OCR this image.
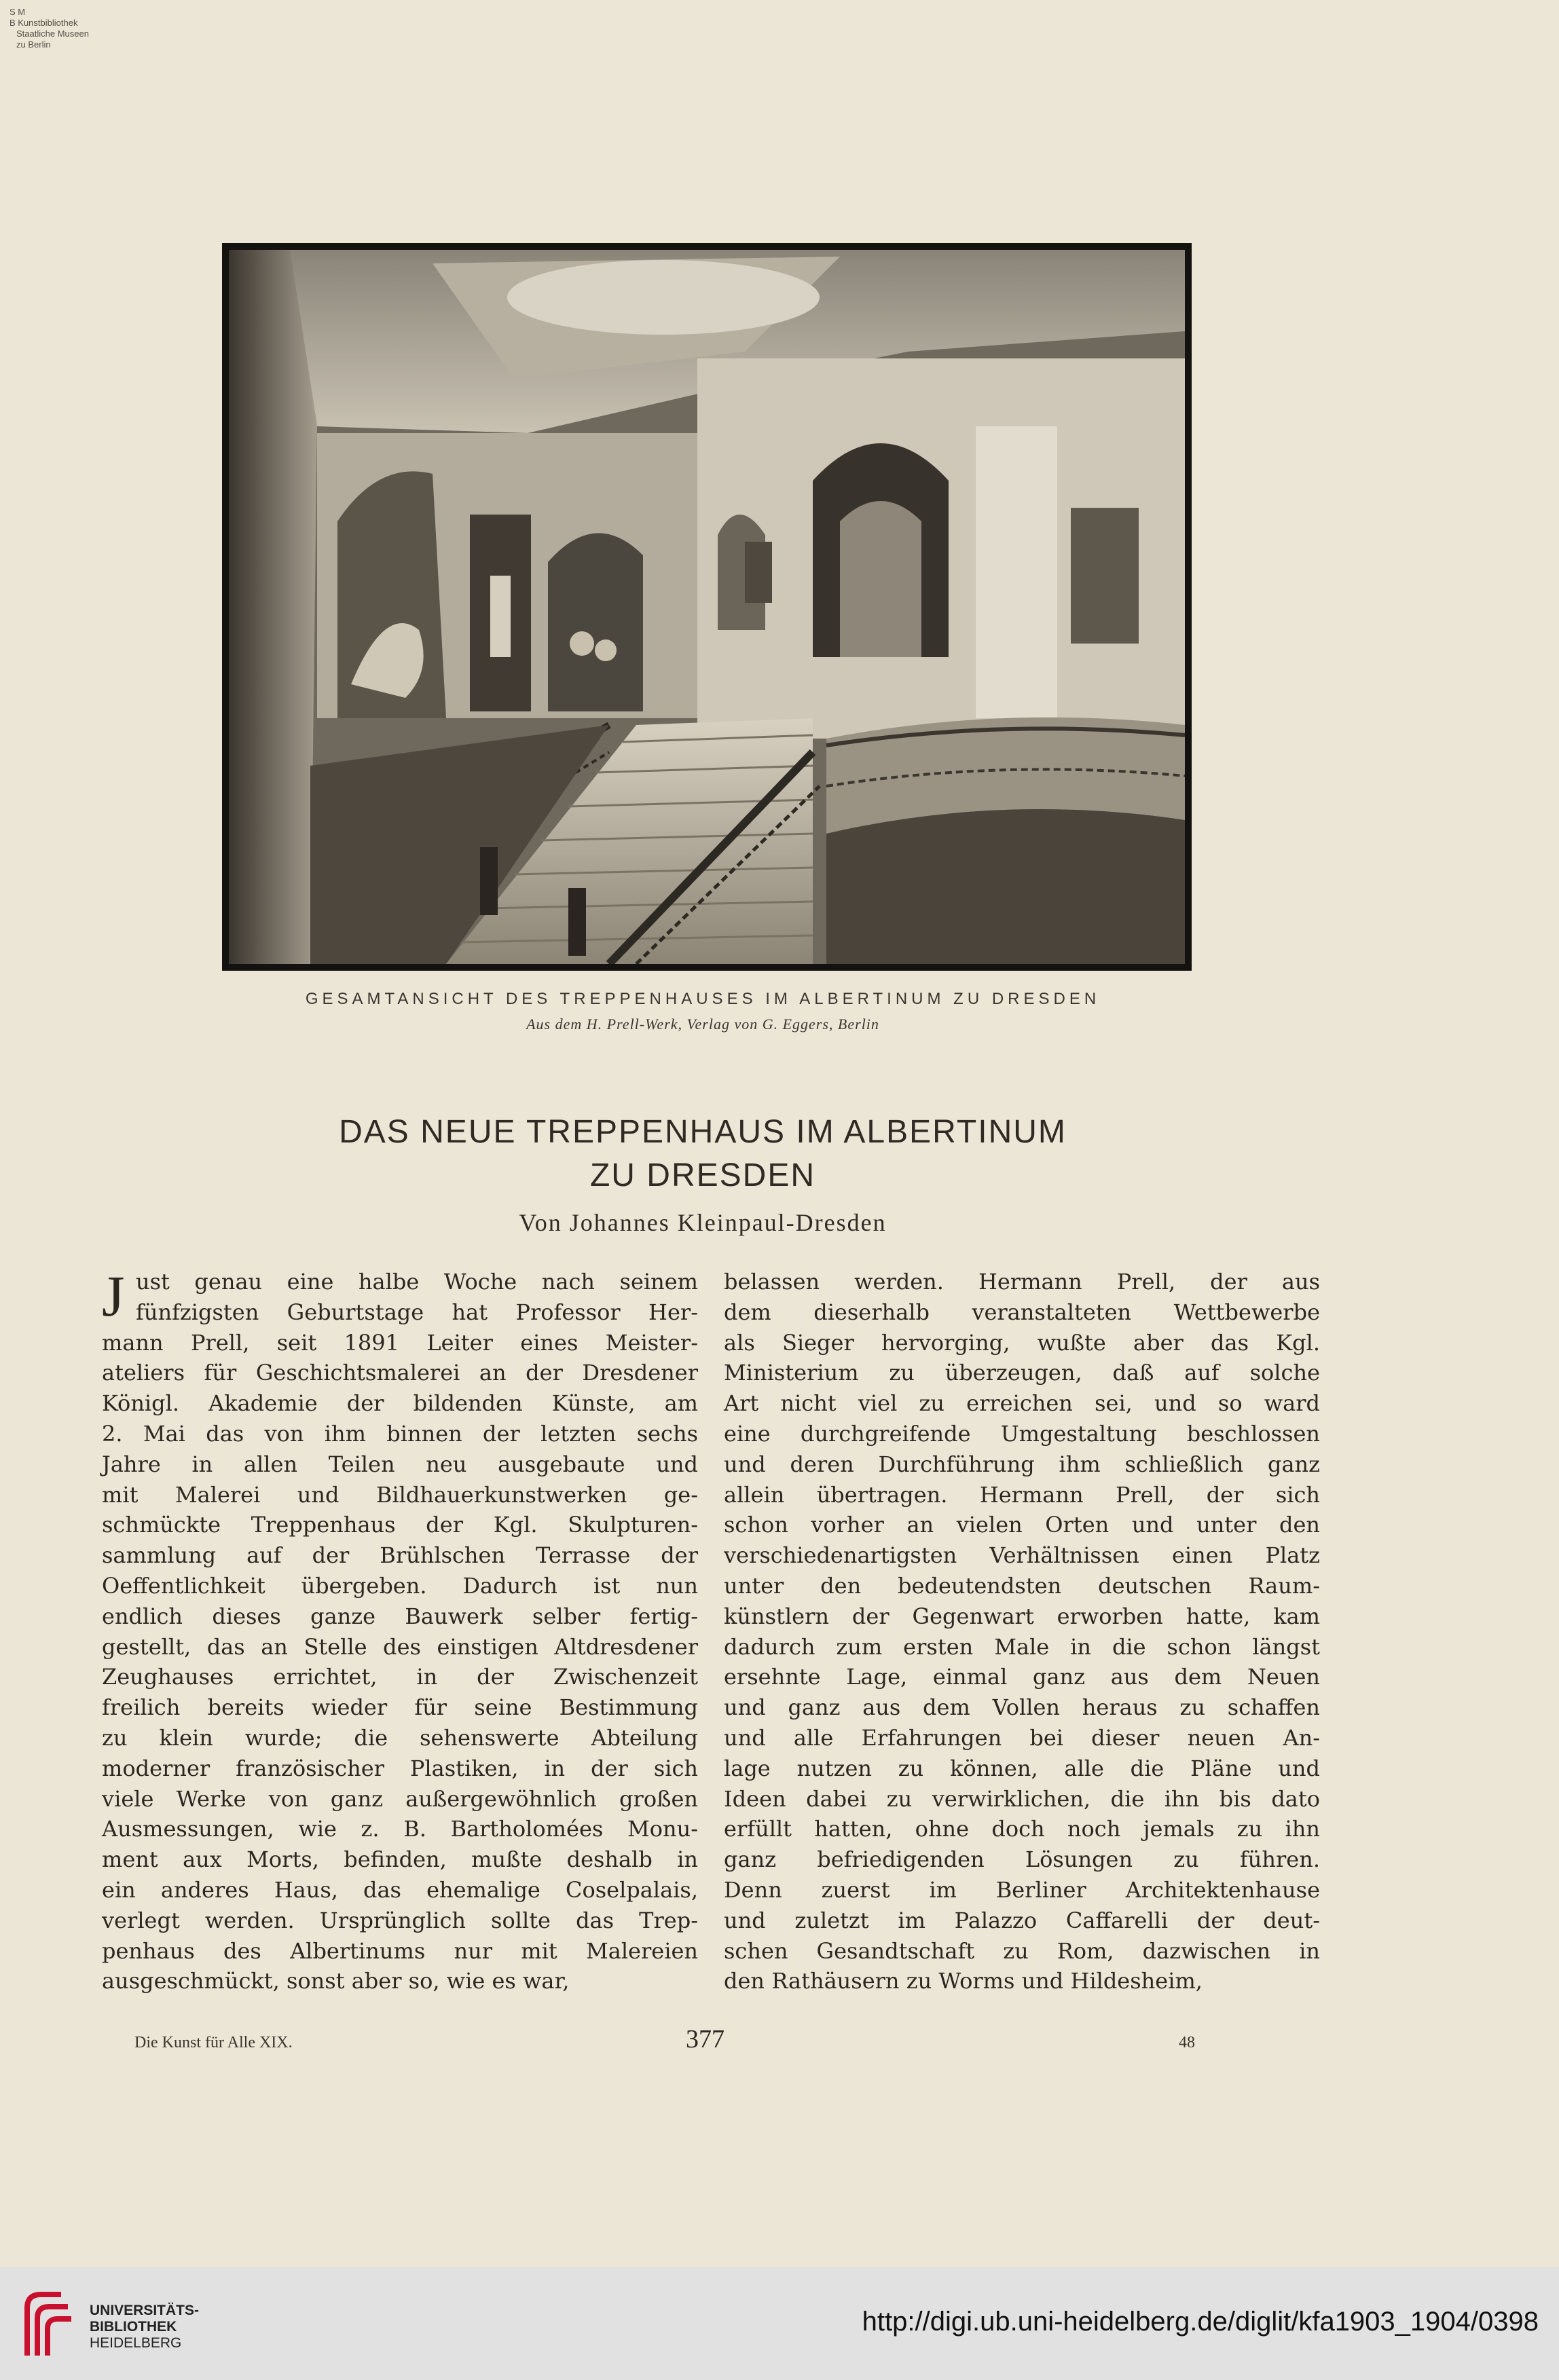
S M
B Kunstbibliothek
Staatliche Museen
zu Berlin
GESAMTANSICHT DES TREPPENHAUSES IM ALBERTINUM ZU DRESDEN
Aus dem H. Prell-Werk, Verlag von G. Eggers, Berlin
DAS NEUE TREPPENHAUS IM ALBERTINUM
ZU DRESDEN
Von Johannes Kleinpaul-Dresden
J ust genau eine halbe Woche nach seinem
fünfzigsten Geburtstage hat Professor Her-
mann Prell, seit 1891 Leiter eines Meister-
ateliers für Geschichtsmalerei an der Dresdener
Königl. Akademie der bildenden Künste, am
2. Mai das von ihm binnen der letzten sechs
Jahre in allen Teilen neu ausgebaute und
mit Malerei und Bildhauerkunstwerken ge-
schmückte Treppenhaus der Kgl. Skulpturen-
sammlung auf der Brühlschen Terrasse der
Oeffentlichkeit übergeben. Dadurch ist nun
endlich dieses ganze Bauwerk selber fertig-
gestellt, das an Stelle des einstigen Altdresdener
Zeughauses errichtet, in der Zwischenzeit
freilich bereits wieder für seine Bestimmung
zu klein wurde; die sehenswerte Abteilung
moderner französischer Plastiken, in der sich
viele Werke von ganz außergewöhnlich großen
Ausmessungen, wie z. B. Bartholomées Monu-
ment aux Morts, befinden, mußte deshalb in
ein anderes Haus, das ehemalige Coselpalais,
verlegt werden. Ursprünglich sollte das Trep-
penhaus des Albertinums nur mit Malereien
ausgeschmückt, sonst aber so, wie es war,
belassen werden. Hermann Prell, der aus
dem dieserhalb veranstalteten Wettbewerbe
als Sieger hervorging, wußte aber das Kgl.
Ministerium zu überzeugen, daß auf solche
Art nicht viel zu erreichen sei, und so ward
eine durchgreifende Umgestaltung beschlossen
und deren Durchführung ihm schließlich ganz
allein übertragen. Hermann Prell, der sich
schon vorher an vielen Orten und unter den
verschiedenartigsten Verhältnissen einen Platz
unter den bedeutendsten deutschen Raum-
künstlern der Gegenwart erworben hatte, kam
dadurch zum ersten Male in die schon längst
ersehnte Lage, einmal ganz aus dem Neuen
und ganz aus dem Vollen heraus zu schaffen
und alle Erfahrungen bei dieser neuen An-
lage nutzen zu können, alle die Pläne und
Ideen dabei zu verwirklichen, die ihn bis dato
erfüllt hatten, ohne doch noch jemals zu ihn
ganz befriedigenden Lösungen zu führen.
Denn zuerst im Berliner Architektenhause
und zuletzt im Palazzo Caffarelli der deut-
schen Gesandtschaft zu Rom, dazwischen in
den Rathäusern zu Worms und Hildesheim,
Die Kunst für Alle XIX.	377	48
UNIVERSITÄTS-
BIBLIOTHEK
HEIDELBERG
http://digi.ub.uni-heidelberg.de/diglit/kfa1903_1904/0398
